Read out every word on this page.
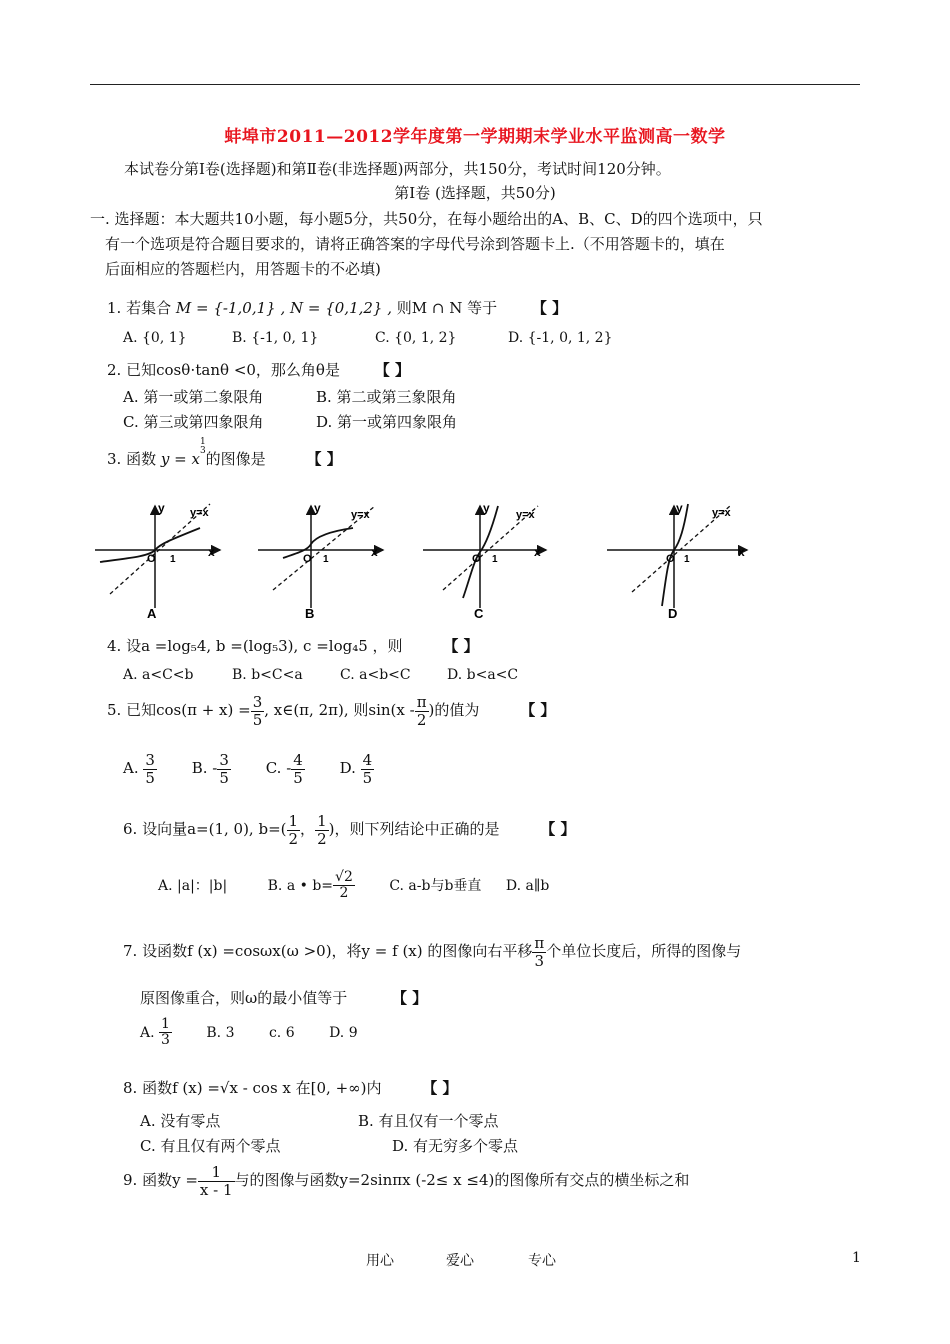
蚌埠市2011—2012学年度第一学期期末学业水平监测高一数学
本试卷分第Ⅰ卷(选择题)和第Ⅱ卷(非选择题)两部分，共150分，考试时间120分钟。
第Ⅰ卷 (选择题，共50分)
一. 选择题：本大题共10小题，每小题5分，共50分，在每小题给出的A、B、C、D的四个选项中，只
有一个选项是符合题目要求的，请将正确答案的字母代号涂到答题卡上.（不用答题卡的，填在
后面相应的答题栏内，用答题卡的不必填)
1. 若集合 M = {-1,0,1} , N = {0,1,2} , 则M ∩ N 等于 【 】
A. {0, 1}	B. {-1, 0, 1}	C. {0, 1, 2}	D. {-1, 0, 1, 2}
2. 已知cosθ⋅tanθ <0，那么角θ是 【 】
A. 第一或第二象限角	B. 第二或第三象限角
C. 第三或第四象限角	D. 第一或第四象限角
3. 函数 y = x
1
3 的图像是	【 】
y
x
y=x
O 1
A
y
x
y=x
O 1
B
y
x
y=x
O 1
C
y
x
y=x
O 1
D
4. 设a =log₅4, b =(log₅3), c =log₄5 ，则	【 】
A. a<C<b	B. b<C<a	C. a<b<C	D. b<a<C
5. 已知$\cos(\pi + x) = \frac{3}{5}$ , x∈(π, 2π), 则$\sin(x - \frac{\pi}{2}$ )的值为	【 】
A. $\frac{3}{5} B$. - $\frac{3}{5} C$. - $\frac{4}{5} D$. $\frac{4}{5}$
6. 设向量a=(1, 0), $b=( \frac{1}{2}$ ， $\frac{1}{2}$ )，则下列结论中正确的是	【 】
A. |a|：|b|	B. a • $b= \frac{√2}{2} C$. a-b与b垂直 D. a∥b
7. 设函数f (x) =cosωx(ω >0)，将y = f (x) 的图像向右平移 $\frac{\pi}{3}$ 个单位长度后，所得的图像与
原图像重合，则ω的最小值等于	【 】
A. $\frac{1}{3} B$. 3 c. 6 D. 9
8. 函数f (x) =√x - cos x 在[0, +∞)内	【 】
A. 没有零点	B. 有且仅有一个零点
C. 有且仅有两个零点	D. 有无穷多个零点
9. 函数$y = \frac{1}{x - 1}$ 与的图像与函数y=2sinπx (-2≤ x ≤4)的图像所有交点的横坐标之和
用心	爱心	专心	1
